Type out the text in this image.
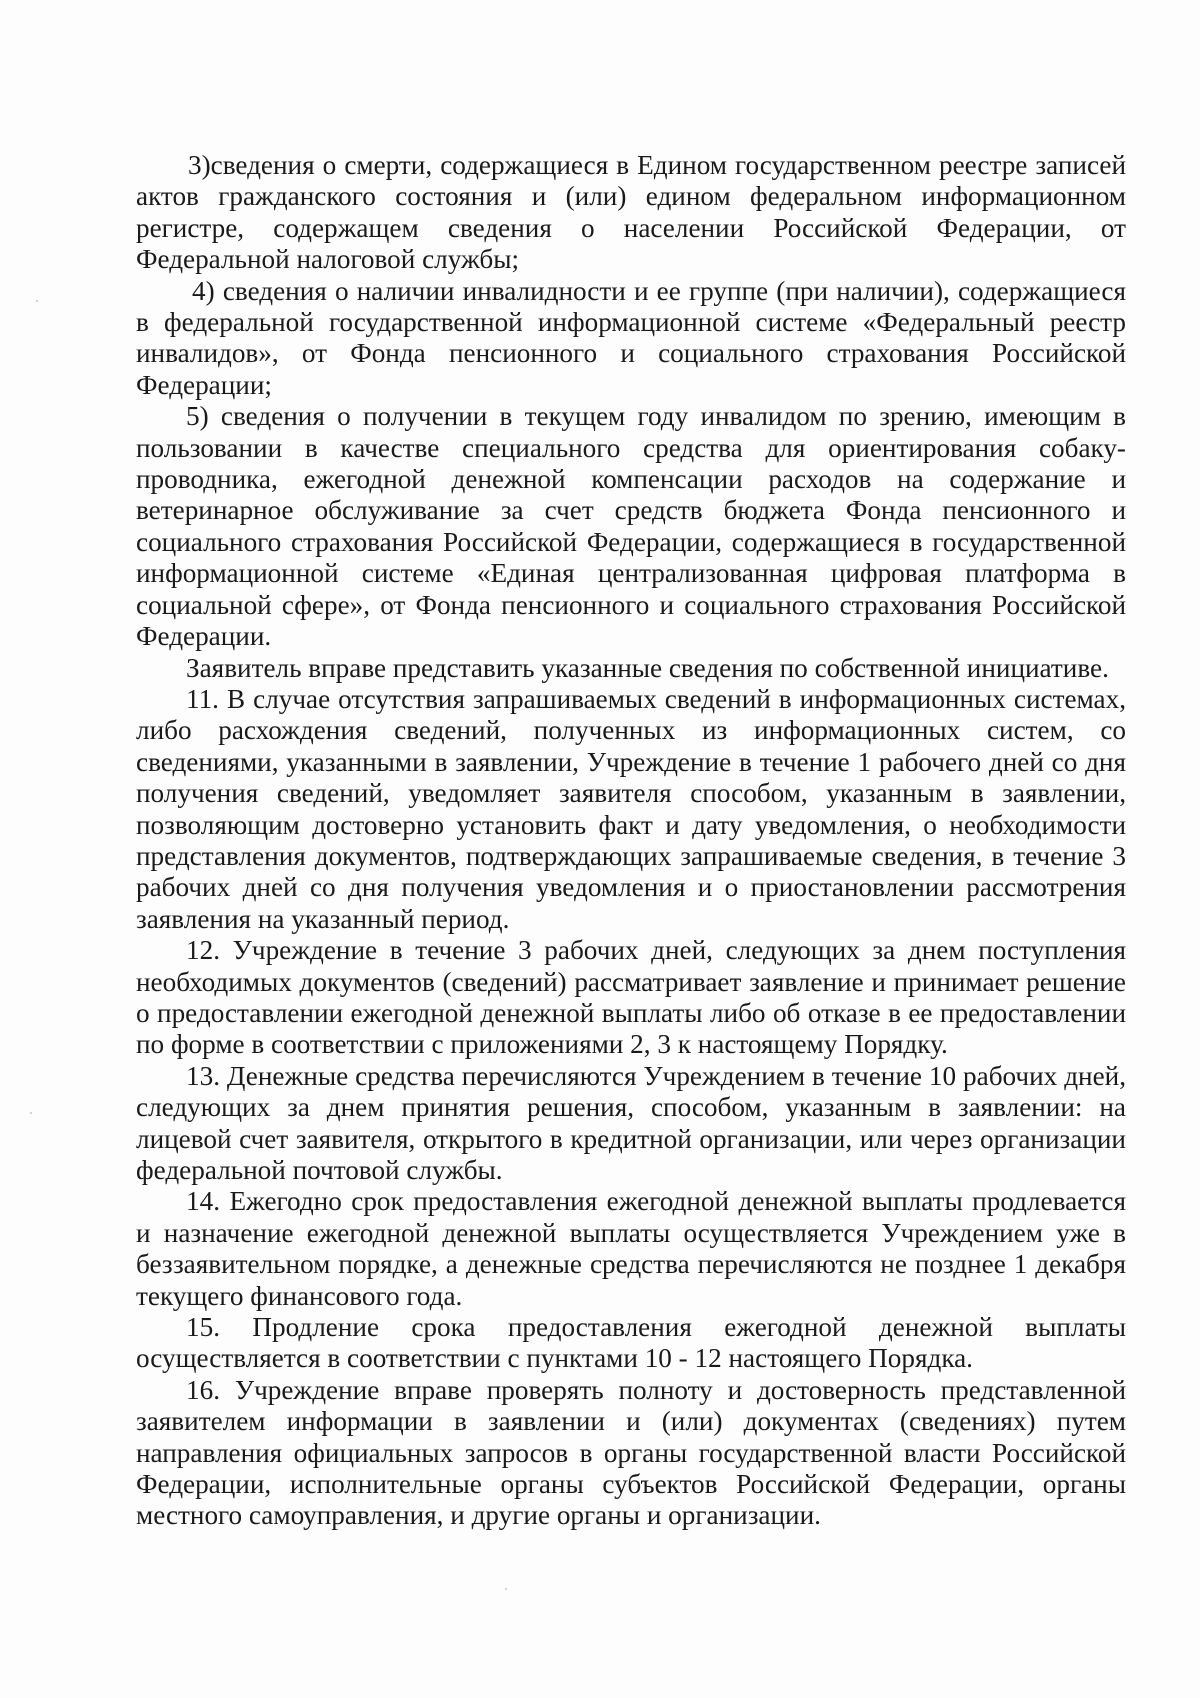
3)сведения о смерти, содержащиеся в Едином государственном реестре записей актов гражданского состояния и (или) едином федеральном информационном регистре, содержащем сведения о населении Российской Федерации, от Федеральной налоговой службы;

4) сведения о наличии инвалидности и ее группе (при наличии), содержащиеся в федеральной государственной информационной системе «Федеральный реестр инвалидов», от Фонда пенсионного и социального страхования Российской Федерации;

5) сведения о получении в текущем году инвалидом по зрению, имеющим в пользовании в качестве специального средства для ориентирования собаку-проводника, ежегодной денежной компенсации расходов на содержание и ветеринарное обслуживание за счет средств бюджета Фонда пенсионного и социального страхования Российской Федерации, содержащиеся в государственной информационной системе «Единая централизованная цифровая платформа в социальной сфере», от Фонда пенсионного и социального страхования Российской Федерации.

Заявитель вправе представить указанные сведения по собственной инициативе.

11. В случае отсутствия запрашиваемых сведений в информационных системах, либо расхождения сведений, полученных из информационных систем, со сведениями, указанными в заявлении, Учреждение в течение 1 рабочего дней со дня получения сведений, уведомляет заявителя способом, указанным в заявлении, позволяющим достоверно установить факт и дату уведомления, о необходимости представления документов, подтверждающих запрашиваемые сведения, в течение 3 рабочих дней со дня получения уведомления и о приостановлении рассмотрения заявления на указанный период.

12. Учреждение в течение 3 рабочих дней, следующих за днем поступления необходимых документов (сведений) рассматривает заявление и принимает решение о предоставлении ежегодной денежной выплаты либо об отказе в ее предоставлении по форме в соответствии с приложениями 2, 3 к настоящему Порядку.

13. Денежные средства перечисляются Учреждением в течение 10 рабочих дней, следующих за днем принятия решения, способом, указанным в заявлении: на лицевой счет заявителя, открытого в кредитной организации, или через организации федеральной почтовой службы.

14. Ежегодно срок предоставления ежегодной денежной выплаты продлевается и назначение ежегодной денежной выплаты осуществляется Учреждением уже в беззаявительном порядке, а денежные средства перечисляются не позднее 1 декабря текущего финансового года.

15. Продление срока предоставления ежегодной денежной выплаты осуществляется в соответствии с пунктами 10 - 12 настоящего Порядка.

16. Учреждение вправе проверять полноту и достоверность представленной заявителем информации в заявлении и (или) документах (сведениях) путем направления официальных запросов в органы государственной власти Российской Федерации, исполнительные органы субъектов Российской Федерации, органы местного самоуправления, и другие органы и организации.
